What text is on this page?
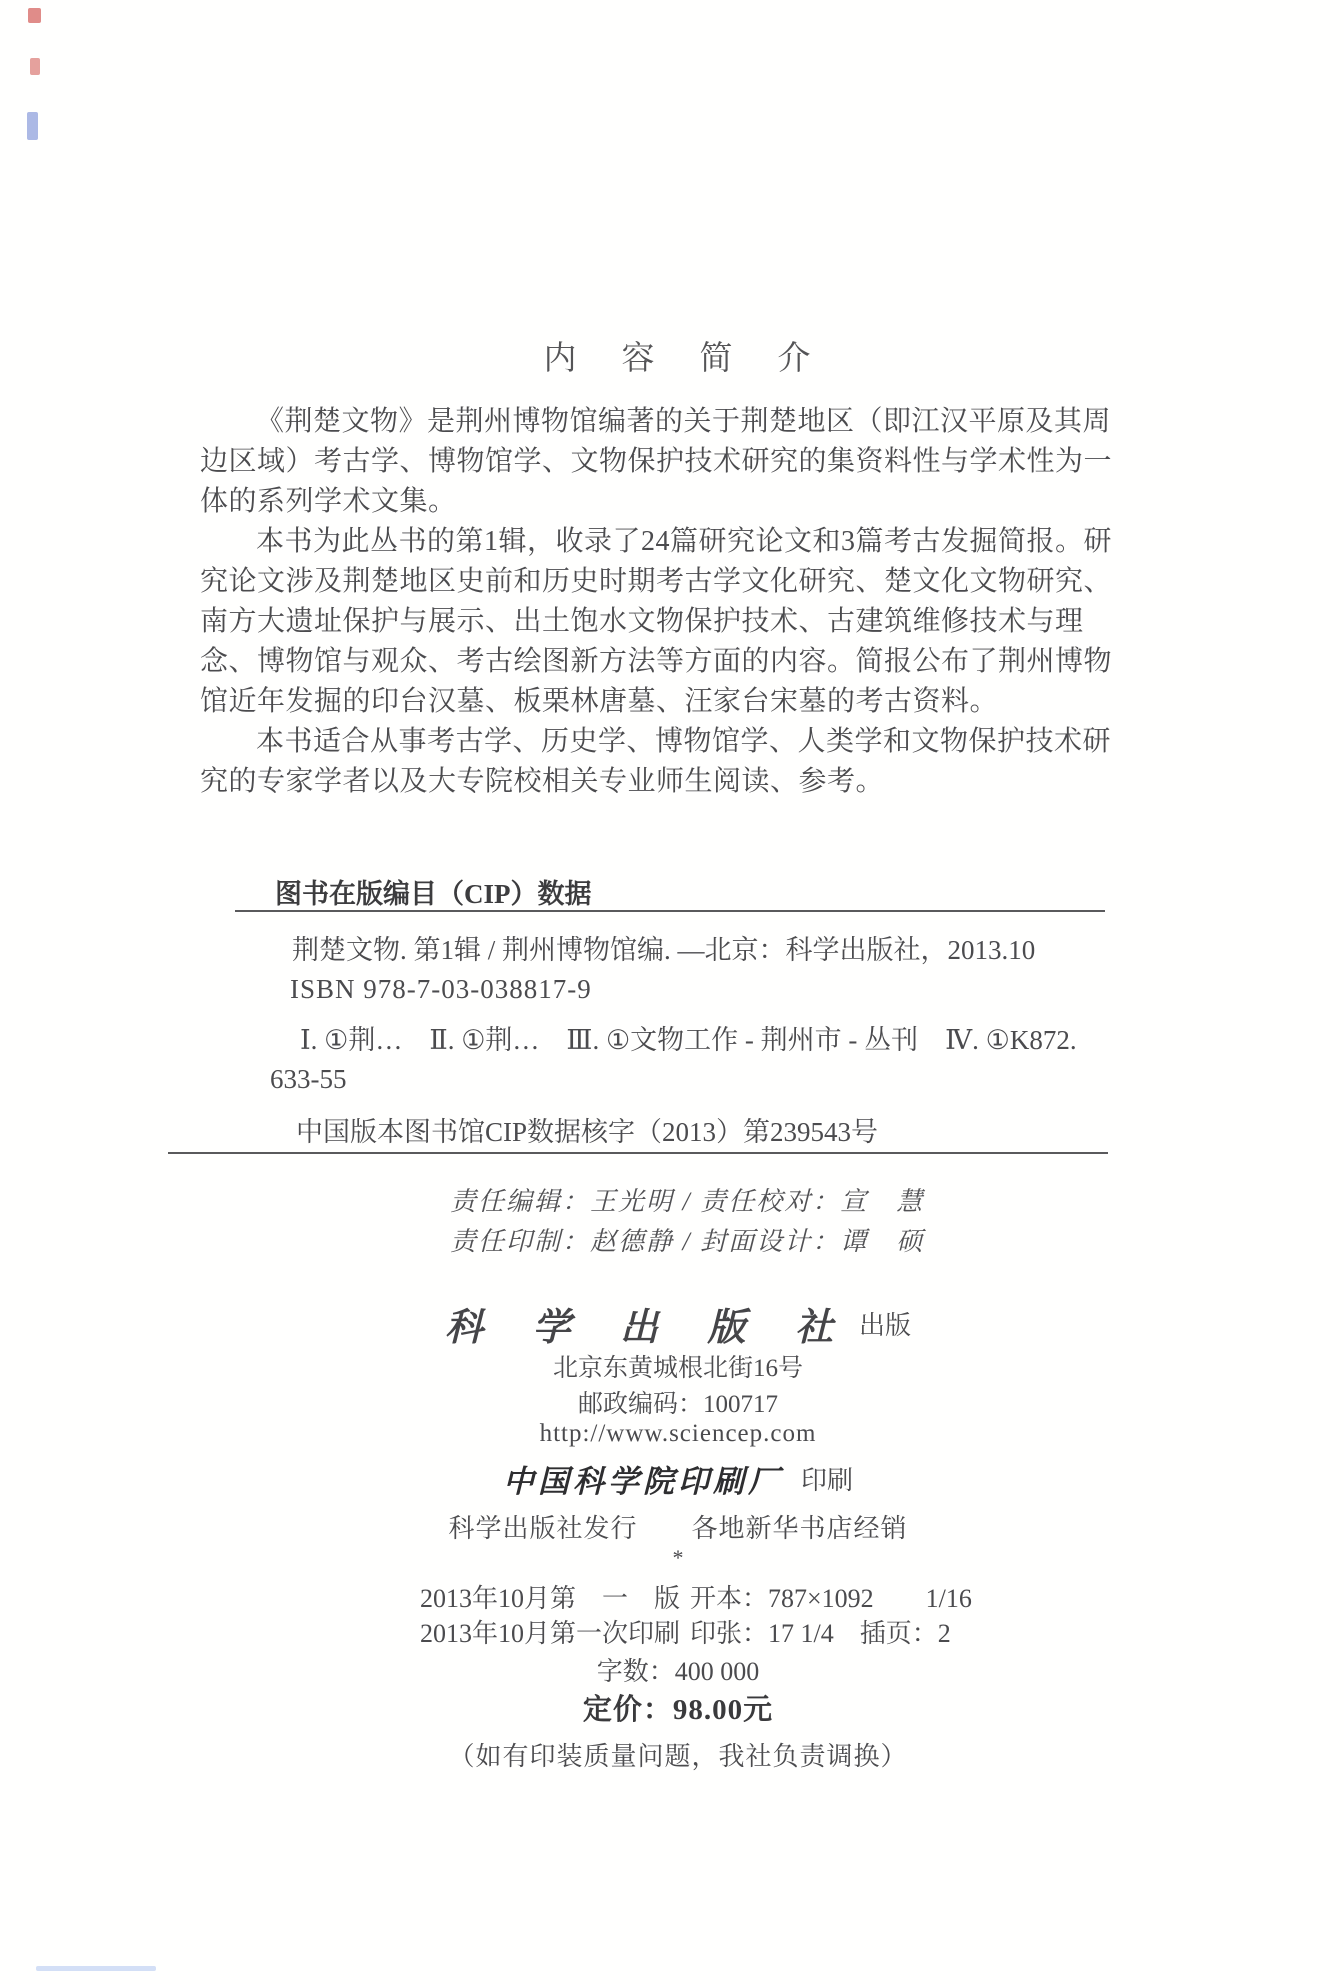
内　容　简　介
《荆楚文物》是荆州博物馆编著的关于荆楚地区（即江汉平原及其周
边区域）考古学、博物馆学、文物保护技术研究的集资料性与学术性为一
体的系列学术文集。
本书为此丛书的第1辑，收录了24篇研究论文和3篇考古发掘简报。研
究论文涉及荆楚地区史前和历史时期考古学文化研究、楚文化文物研究、
南方大遗址保护与展示、出土饱水文物保护技术、古建筑维修技术与理
念、博物馆与观众、考古绘图新方法等方面的内容。简报公布了荆州博物
馆近年发掘的印台汉墓、板栗林唐墓、汪家台宋墓的考古资料。
本书适合从事考古学、历史学、博物馆学、人类学和文物保护技术研
究的专家学者以及大专院校相关专业师生阅读、参考。
图书在版编目（CIP）数据
荆楚文物. 第1辑 / 荆州博物馆编. —北京：科学出版社，2013.10
ISBN 978-7-03-038817-9
Ⅰ. ①荆…　Ⅱ. ①荆…　Ⅲ. ①文物工作 - 荆州市 - 丛刊　Ⅳ. ①K872.
633-55
中国版本图书馆CIP数据核字（2013）第239543号
责任编辑：王光明 / 责任校对：宣　慧
责任印制：赵德静 / 封面设计：谭　硕
科 学 出 版 社 出版
北京东黄城根北街16号
邮政编码：100717
http://www.sciencep.com
中国科学院印刷厂 印刷
科学出版社发行　　各地新华书店经销
*
2013年10月第　一　版 开本：787×1092　　1/16
2013年10月第一次印刷 印张：17 1/4　插页：2
字数：400 000
定价：98.00元
（如有印装质量问题，我社负责调换）
